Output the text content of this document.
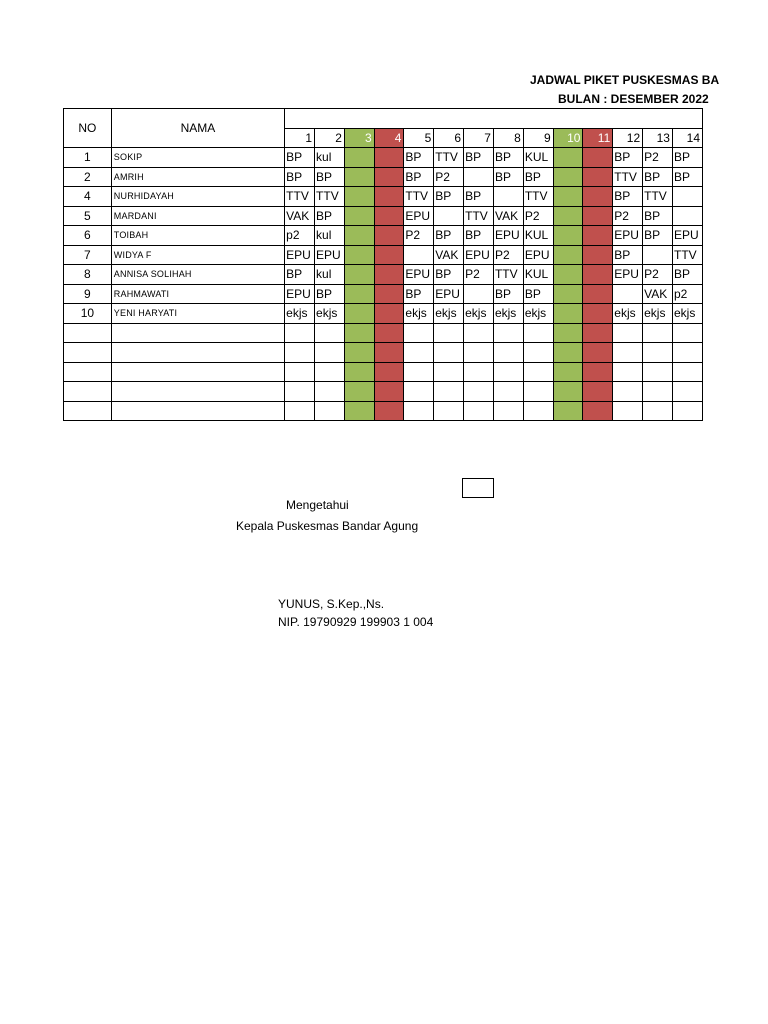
JADWAL PIKET PUSKESMAS BA
BULAN : DESEMBER 2022
NO	NAMA														
		1	2	3	4	5	6	7	8	9	10	11	12	13	14
1	SOKIP	BP	kul			BP	TTV	BP	BP	KUL			BP	P2	BP
2	AMRIH	BP	BP			BP	P2		BP	BP			TTV	BP	BP
4	NURHIDAYAH	TTV	TTV			TTV	BP	BP		TTV			BP	TTV	
5	MARDANI	VAK	BP			EPU		TTV	VAK	P2			P2	BP	
6	TOIBAH	p2	kul			P2	BP	BP	EPU	KUL			EPU	BP	EPU
7	WIDYA F	EPU	EPU				VAK	EPU	P2	EPU			BP		TTV
8	ANNISA SOLIHAH	BP	kul			EPU	BP	P2	TTV	KUL			EPU	P2	BP
9	RAHMAWATI	EPU	BP			BP	EPU		BP	BP				VAK	p2
10	YENI HARYATI	ekjs	ekjs			ekjs	ekjs	ekjs	ekjs	ekjs			ekjs	ekjs	ekjs

Mengetahui
Kepala Puskesmas Bandar Agung
YUNUS, S.Kep.,Ns.
NIP. 19790929 199903 1 004
